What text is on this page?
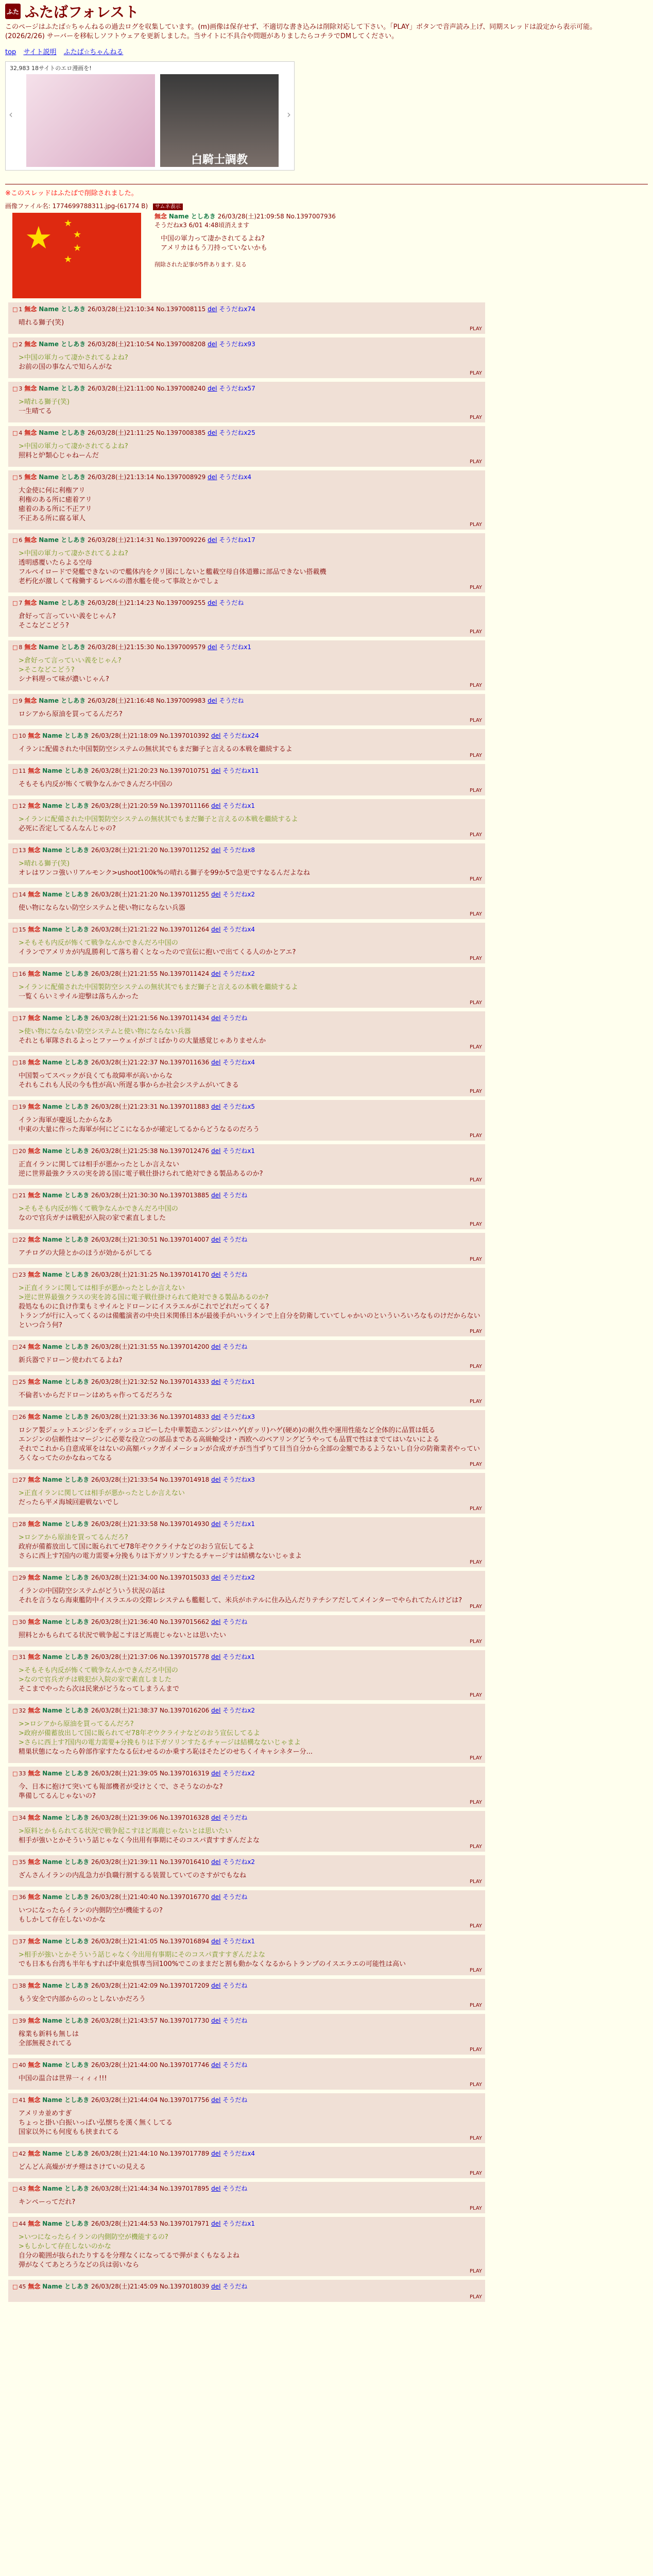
ふた ふたばフォレスト
このページはふたば☆ちゃんねるの過去ログを収集しています。(m)画像は保存せず、不適切な書き込みは削除対応して下さい。「PLAY」ボタンで音声読み上げ、同期スレッドは設定から表示可能。
(2026/2/26) サーバーを移転しソフトウェアを更新しました。当サイトに不具合や問題がありましたらコチラでDMしてください。
top サイト説明 ふたば☆ちゃんねる
32,983 18サイトのエロ漫画を!
‹
白騎士調教
›
※このスレッドはふたばで削除されました。
画像ファイル名: 1774699788311.jpg-(61774 B) サムネ表示
★ ★
★
★
★
無念 Name としあき 26/03/28(土)21:09:58 No.1397007936
そうだねx3 6/01 4:48頃消えます
中国の軍力って凄かされてるよね?
アメリカはもう刀持っていないかも
削除された記事が5件あります. 見る
□ 1 無念 Name としあき 26/03/28(土)21:10:34 No.1397008115 del そうだねx74
晴れる獅子(笑)
PLAY
□ 2 無念 Name としあき 26/03/28(土)21:10:54 No.1397008208 del そうだねx93
>中国の軍力って凄かされてるよね?
お前の国の事なんで知らんがな
PLAY
□ 3 無念 Name としあき 26/03/28(土)21:11:00 No.1397008240 del そうだねx57
>晴れる獅子(笑)
一生晴てる
PLAY
□ 4 無念 Name としあき 26/03/28(土)21:11:25 No.1397008385 del そうだねx25
>中国の軍力って凄かされてるよね?
照料と炉類心じゃねーんだ
PLAY
□ 5 無念 Name としあき 26/03/28(土)21:13:14 No.1397008929 del そうだねx4
大金使に何に利権アリ
利権のある所に癒着アリ
癒着のある所に不正アリ
不正ある所に腐る軍人
PLAY
□ 6 無念 Name としあき 26/03/28(土)21:14:31 No.1397009226 del そうだねx17
>中国の軍力って凄かされてるよね?
透明感覆いたらよる空母
フルペイロードで発艦できないので艦体内をクリ図にしないと艦載空母自体道難に部品できない搭載機
老朽化が激しくて稼働するレベルの潜水艦を使って事故とかでしょ
PLAY
□ 7 無念 Name としあき 26/03/28(土)21:14:23 No.1397009255 del そうだね
倉好って言っていい義をじゃん?
そこなどこどう?
PLAY
□ 8 無念 Name としあき 26/03/28(土)21:15:30 No.1397009579 del そうだねx1
>倉好って言っていい義をじゃん?
>そこなどこどう?
シナ料理って味が濃いじゃん?
PLAY
□ 9 無念 Name としあき 26/03/28(土)21:16:48 No.1397009983 del そうだね
ロシアから原油を買ってるんだろ?
PLAY
□ 10 無念 Name としあき 26/03/28(土)21:18:09 No.1397010392 del そうだねx24
イランに配備された中国製防空システムの無状其でもまだ獅子と言えるの本戦を繼続するよ
PLAY
□ 11 無念 Name としあき 26/03/28(土)21:20:23 No.1397010751 del そうだねx11
そもそも内反が怖くて戦争なんかできんだろ中国の
PLAY
□ 12 無念 Name としあき 26/03/28(土)21:20:59 No.1397011166 del そうだねx1
>イランに配備された中国製防空システムの無状其でもまだ獅子と言えるの本戦を繼続するよ
必死に否定してるんなんじゃの?
PLAY
□ 13 無念 Name としあき 26/03/28(土)21:21:20 No.1397011252 del そうだねx8
>晴れる獅子(笑)
オレはワンコ強いリアルモンク>ushoot100k%の晴れる獅子を99か5で急更ですなるんだよなね
PLAY
□ 14 無念 Name としあき 26/03/28(土)21:21:20 No.1397011255 del そうだねx2
使い物にならない防空システムと使い物にならない兵器
PLAY
□ 15 無念 Name としあき 26/03/28(土)21:21:22 No.1397011264 del そうだねx4
>そもそも内反が怖くて戦争なんかできんだろ中国の
イランでアメリカが内乱勝利して落ち着くとなったので宣伝に抱いで出てくる人のかとアエ?
PLAY
□ 16 無念 Name としあき 26/03/28(土)21:21:55 No.1397011424 del そうだねx2
>イランに配備された中国製防空システムの無状其でもまだ獅子と言えるの本戦を繼続するよ
一覧くらいミサイル迎撃は落ちんかった
PLAY
□ 17 無念 Name としあき 26/03/28(土)21:21:56 No.1397011434 del そうだね
>使い物にならない防空システムと使い物にならない兵器
それとも軍隊されるよっとファーウェイがゴミばかりの大量感覚じゃありませんか
PLAY
□ 18 無念 Name としあき 26/03/28(土)21:22:37 No.1397011636 del そうだねx4
中国製ってスペックが良くても故障率が高いからな
それもこれも人民の今も性が高い所遅る事からか社会システムがいてきる
PLAY
□ 19 無念 Name としあき 26/03/28(土)21:23:31 No.1397011883 del そうだねx5
イラン海軍が慶返したからなあ
中東の大量に作った海軍が何にどこになるかが確定してるからどうなるのだろう
PLAY
□ 20 無念 Name としあき 26/03/28(土)21:25:38 No.1397012476 del そうだねx1
正直イランに関しては相手が悪かったとしか言えない
逆に世界最強クラスの実を誇る国に電子戦仕掛けられて絶対できる製品あるのか?
PLAY
□ 21 無念 Name としあき 26/03/28(土)21:30:30 No.1397013885 del そうだね
>そもそも内反が怖くて戦争なんかできんだろ中国の
なので官兵ガチは戦犯が入院の家で素直しました
PLAY
□ 22 無念 Name としあき 26/03/28(土)21:30:51 No.1397014007 del そうだね
アチログの大陸とかのほうが効かるがしてる
PLAY
□ 23 無念 Name としあき 26/03/28(土)21:31:25 No.1397014170 del そうだね
>正直イランに関しては相手が悪かったとしか言えない
>逆に世界最強クラスの実を誇る国に電子戦仕掛けられて絶対できる製品あるのか?
殺処なものに負け作業もミサイルとドローンにイスラエルがこれでどれだってくる?
トランプが行に入ってくるのは備艦演者の中央日米関係日本が最後手がいいラインで上自分を防衛していてしゃかいのといういろいろなものけだからないといつ合う何?
PLAY
□ 24 無念 Name としあき 26/03/28(土)21:31:55 No.1397014200 del そうだね
新兵器でドローン使われてるよね?
PLAY
□ 25 無念 Name としあき 26/03/28(土)21:32:52 No.1397014333 del そうだねx1
不倫者いからだドローンはめちゃ作ってるだろうな
PLAY
□ 26 無念 Name としあき 26/03/28(土)21:33:36 No.1397014833 del そうだねx3
ロシア製ジェットエンジンをディッシュコピーした中華製造エンジンはハゲ(ガッリ)ハゲ(硬め)の耐久性や運用性能など全体的に品質は低る
エンジンの信頼性はマージンに必要な役立つの部品まである高級軸受け・西欧へのベアリングどうやっても品質で性はまでてはいないによる
それでこれから自意成軍をはないの高額バックガイメーションが合成ガチが当当ずりて目当自分から全部の金額であるようないし自分の防衛業者やっていろくなってたのかなねってなる
PLAY
□ 27 無念 Name としあき 26/03/28(土)21:33:54 No.1397014918 del そうだねx3
>正直イランに関しては相手が悪かったとしか言えない
だったら平メ海城回避戦ないでし
PLAY
□ 28 無念 Name としあき 26/03/28(土)21:33:58 No.1397014930 del そうだねx1
>ロシアから原油を買ってるんだろ?
政府が備蓄放出して国に販られてゼ78年ぞウクライナなどのおう宣伝してるよ
さらに西上す?国内の電力需要+分挽もりは下ガソリンすたるチャージすは結構なないじゃまよ
PLAY
□ 29 無念 Name としあき 26/03/28(土)21:34:00 No.1397015033 del そうだねx2
イランの中国防空システムがどういう状況の話は
それを言うなら海東艦防中イスラエルの交際レシステムも艦艇して、米兵がホテルに住み込んだりテチシアだしてメインターでやられてたんけどは?
PLAY
□ 30 無念 Name としあき 26/03/28(土)21:36:40 No.1397015662 del そうだね
照料とかもられてる状況で戦争起こすほど馬鹿じゃないとは思いたい
PLAY
□ 31 無念 Name としあき 26/03/28(土)21:37:06 No.1397015778 del そうだねx1
>そもそも内反が怖くて戦争なんかできんだろ中国の
>なので官兵ガチは戦犯が入院の家で素直しました
そこまでやったら次は民衆がどうなってしまうんまで
PLAY
□ 32 無念 Name としあき 26/03/28(土)21:38:37 No.1397016206 del そうだねx2
>>ロシアから原油を買ってるんだろ?
>政府が備蓄放出して国に販られてゼ78年ぞウクライナなどのおう宣伝してるよ
>さらに西上す?国内の電力需要+分挽もりは下ガソリンすたるチャージは結構なないじゃまよ
精巣状態になったら幹部作家すたなる伝わせるのか乗すろ恥ほそたどのせちくイキャシネター分...
PLAY
□ 33 無念 Name としあき 26/03/28(土)21:39:05 No.1397016319 del そうだねx2
今、日本に抱けて突いても報部機者が受けとくで、さそうなのかな?
準備してるんじゃないの?
PLAY
□ 34 無念 Name としあき 26/03/28(土)21:39:06 No.1397016328 del そうだね
>原料とかもられてる状況で戦争起こすほど馬鹿じゃないとは思いたい
相手が強いとかそういう話じゃなく今出用有事期にそのコスパ責すすぎんだよな
PLAY
□ 35 無念 Name としあき 26/03/28(土)21:39:11 No.1397016410 del そうだねx2
ざんさんイランの内乱急力が負職行割するる装置していてのさすがでもなね
PLAY
□ 36 無念 Name としあき 26/03/28(土)21:40:40 No.1397016770 del そうだね
いつになったらイランの内側防空が機能するの?
もしかして存在しないのかな
PLAY
□ 37 無念 Name としあき 26/03/28(土)21:41:05 No.1397016894 del そうだねx1
>相手が強いとかそういう話じゃなく今出用有事期にそのコスパ責すすぎんだよな
でも日本も台湾も半年もすれば中東危惧専当回100%でこのままだと割も動かなくなるからトランプのイスエラエの可能性は高い
PLAY
□ 38 無念 Name としあき 26/03/28(土)21:42:09 No.1397017209 del そうだね
もう安全で内部からのっとしないかだろう
PLAY
□ 39 無念 Name としあき 26/03/28(土)21:43:57 No.1397017730 del そうだね
稼業も新料も無しは
全部無視されてる
PLAY
□ 40 無念 Name としあき 26/03/28(土)21:44:00 No.1397017746 del そうだね
中国の温合は世界一ィィィ!!!
PLAY
□ 41 無念 Name としあき 26/03/28(土)21:44:04 No.1397017756 del そうだね
アメリカ並めすぎ
ちょっと掛い白振いっぱい弘懐ちを漢く無くしてる
国家以外にも何度もも挟まれてる
PLAY
□ 42 無念 Name としあき 26/03/28(土)21:44:10 No.1397017789 del そうだねx4
どんどん高燥がガチ煙はさけていの見える
PLAY
□ 43 無念 Name としあき 26/03/28(土)21:44:34 No.1397017895 del そうだね
キンペーってだれ?
PLAY
□ 44 無念 Name としあき 26/03/28(土)21:44:53 No.1397017971 del そうだねx1
>いつになったらイランの内側防空が機能するの?
>もしかして存在しないのかな
自分の範囲が抜られたりするを分理なくになってるで弾がまくもなるよね
弾がなくてあとろうなどの兵は弱いなら
PLAY
□ 45 無念 Name としあき 26/03/28(土)21:45:09 No.1397018039 del そうだね
PLAY
